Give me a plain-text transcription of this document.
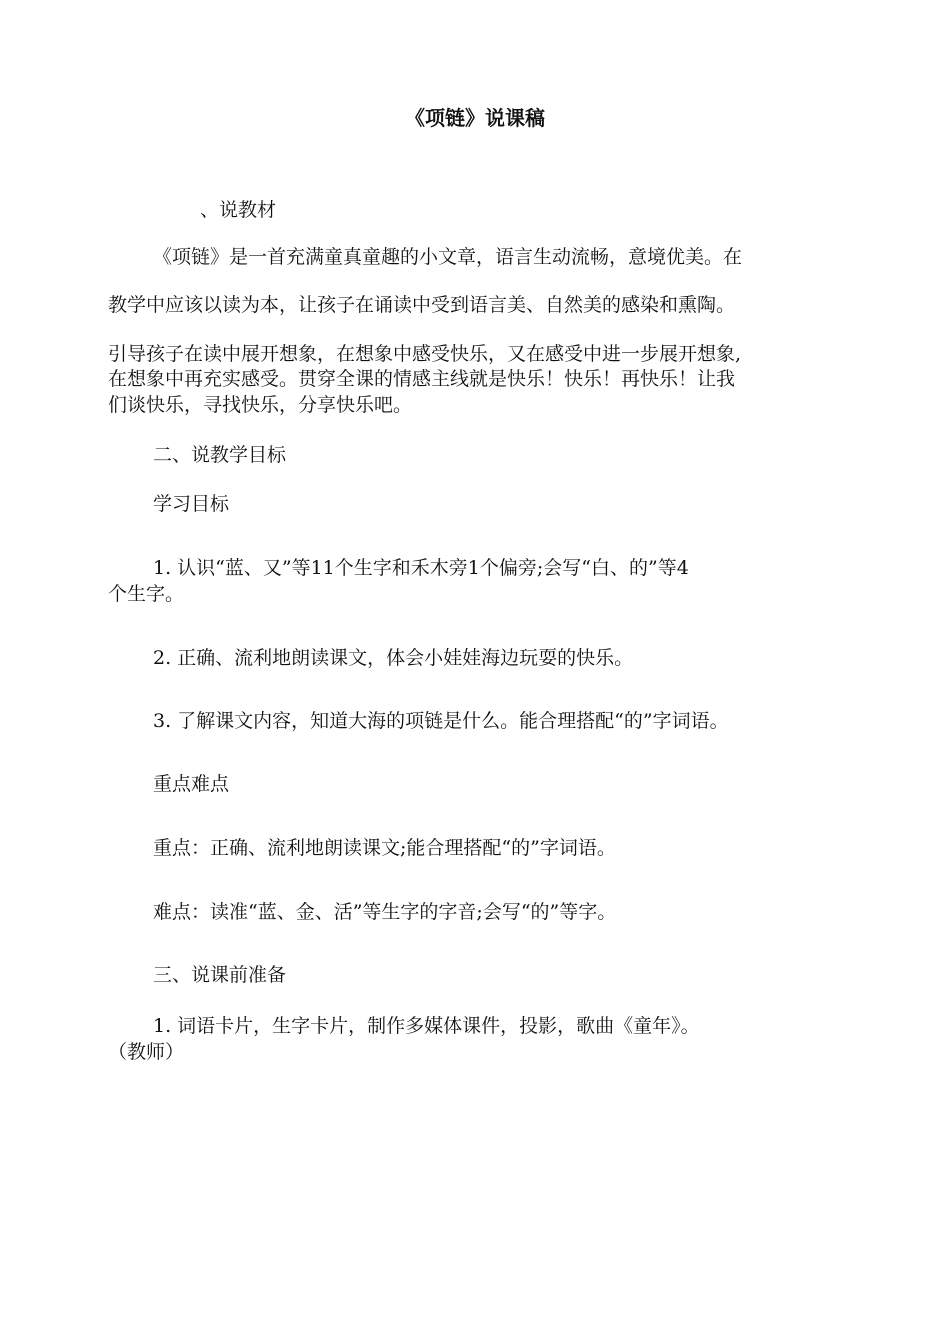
《项链》说课稿

、说教材

《项链》是一首充满童真童趣的小文章，语言生动流畅，意境优美。在

教学中应该以读为本，让孩子在诵读中受到语言美、自然美的感染和熏陶。

引导孩子在读中展开想象，在想象中感受快乐，又在感受中进一步展开想象,

在想象中再充实感受。贯穿全课的情感主线就是快乐！快乐！再快乐！让我

们谈快乐，寻找快乐，分享快乐吧。

二、说教学目标

学习目标

1. 认识“蓝、又”等11个生字和禾木旁1个偏旁;会写“白、的”等4

个生字。

2. 正确、流利地朗读课文，体会小娃娃海边玩耍的快乐。

3. 了解课文内容，知道大海的项链是什么。能合理搭配“的”字词语。

重点难点

重点：正确、流利地朗读课文;能合理搭配“的”字词语。

难点：读准“蓝、金、活”等生字的字音;会写“的”等字。

三、说课前准备

1. 词语卡片，生字卡片，制作多媒体课件，投影，歌曲《童年》。

（教师）
